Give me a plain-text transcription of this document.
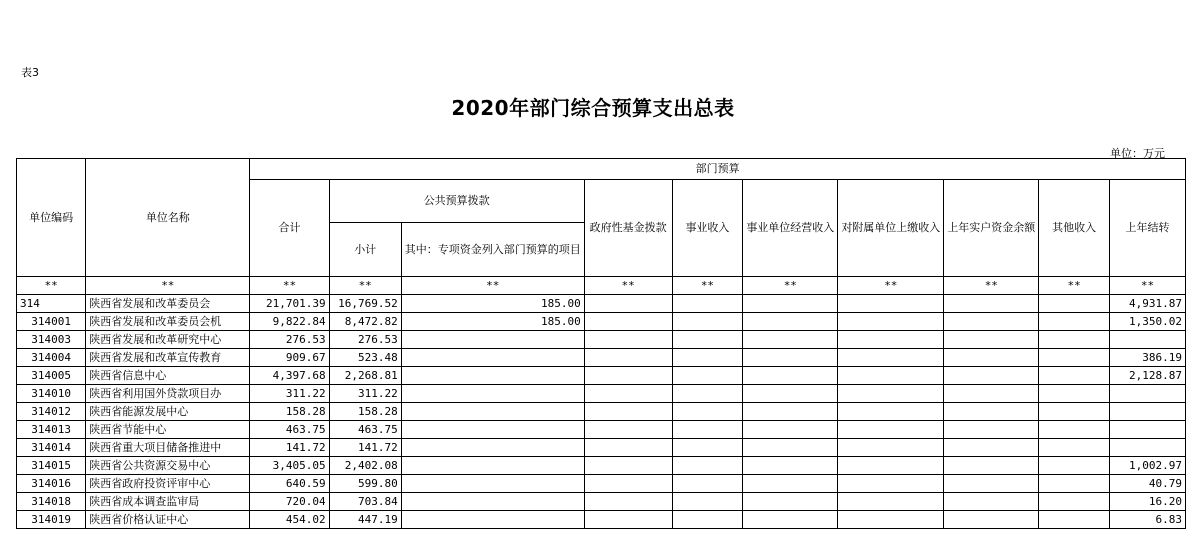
表3
2020年部门综合预算支出总表
单位：万元
单位编码	单位名称	部门预算									
		合计	公共预算拨款		政府性基金拨款	事业收入	事业单位经营收入	对附属单位上缴收入	上年实户资金余额	其他收入	上年结转
			小计	其中：专项资金列入部门预算的项目							
**	**	**	**	**	**	**	**	**	**	**	**
314	陕西省发展和改革委员会	21,701.39	16,769.52	185.00							4,931.87
314001	陕西省发展和改革委员会机	9,822.84	8,472.82	185.00							1,350.02
314003	陕西省发展和改革研究中心	276.53	276.53								
314004	陕西省发展和改革宣传教育	909.67	523.48								386.19
314005	陕西省信息中心	4,397.68	2,268.81								2,128.87
314010	陕西省利用国外贷款项目办	311.22	311.22								
314012	陕西省能源发展中心	158.28	158.28								
314013	陕西省节能中心	463.75	463.75								
314014	陕西省重大项目储备推进中	141.72	141.72								
314015	陕西省公共资源交易中心	3,405.05	2,402.08								1,002.97
314016	陕西省政府投资评审中心	640.59	599.80								40.79
314018	陕西省成本调查监审局	720.04	703.84								16.20
314019	陕西省价格认证中心	454.02	447.19								6.83
